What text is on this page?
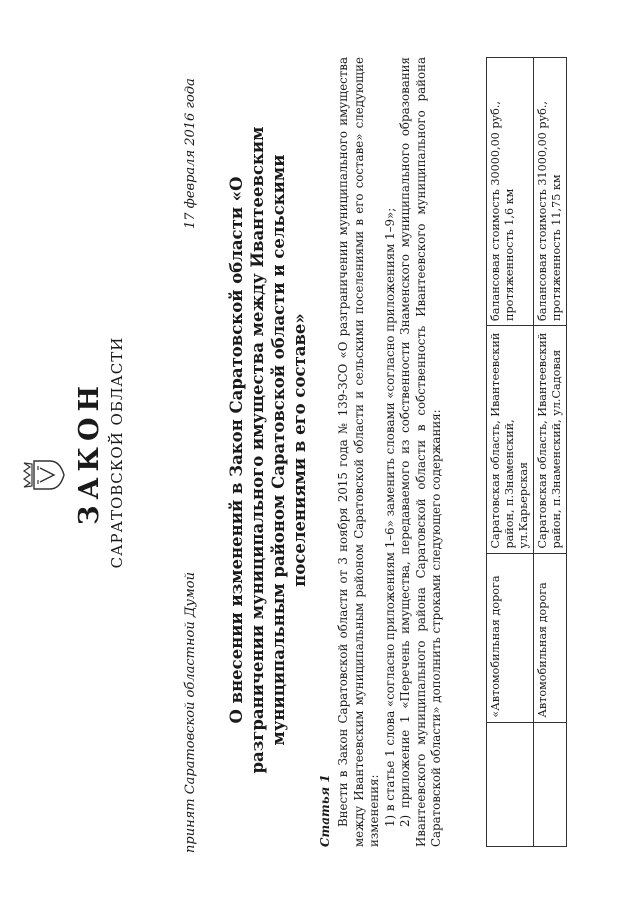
ЗАКОН САРАТОВСКОЙ ОБЛАСТИ
принят Саратовской областной Думой
17 февраля 2016 года
О внесении изменений в Закон Саратовской области «О разграничении муниципального имущества между Ивантеевским муниципальным районом Саратовской области и сельскими поселениями в его составе»
Статья 1 Внести в Закон Саратовской области от 3 ноября 2015 года № 139-ЗСО «О разграничении муниципального имущества между Ивантеевским муниципальным районом Саратовской области и сельскими поселениями в его составе» следующие изменения: 1) в статье 1 слова «согласно приложениям 1–6» заменить словами «согласно приложениям 1–9»; 2) приложение 1 «Перечень имущества, передаваемого из собственности Знаменского муниципального образования Ивантеевского муниципального района Саратовской области в собственность Ивантеевского муниципального района Саратовской области» дополнить строками следующего содержания:

		«Автомобильная дорога	Саратовская область, Ивантеевский район, п.Знаменский, ул.Карьерская	балансовая стоимость 30000,00 руб., протяженность 1,6 км
	Автомобильная дорога	Саратовская область, Ивантеевский район, п.Знаменский, ул.Садовая	балансовая стоимость 31000,00 руб., протяженность 11,75 км
